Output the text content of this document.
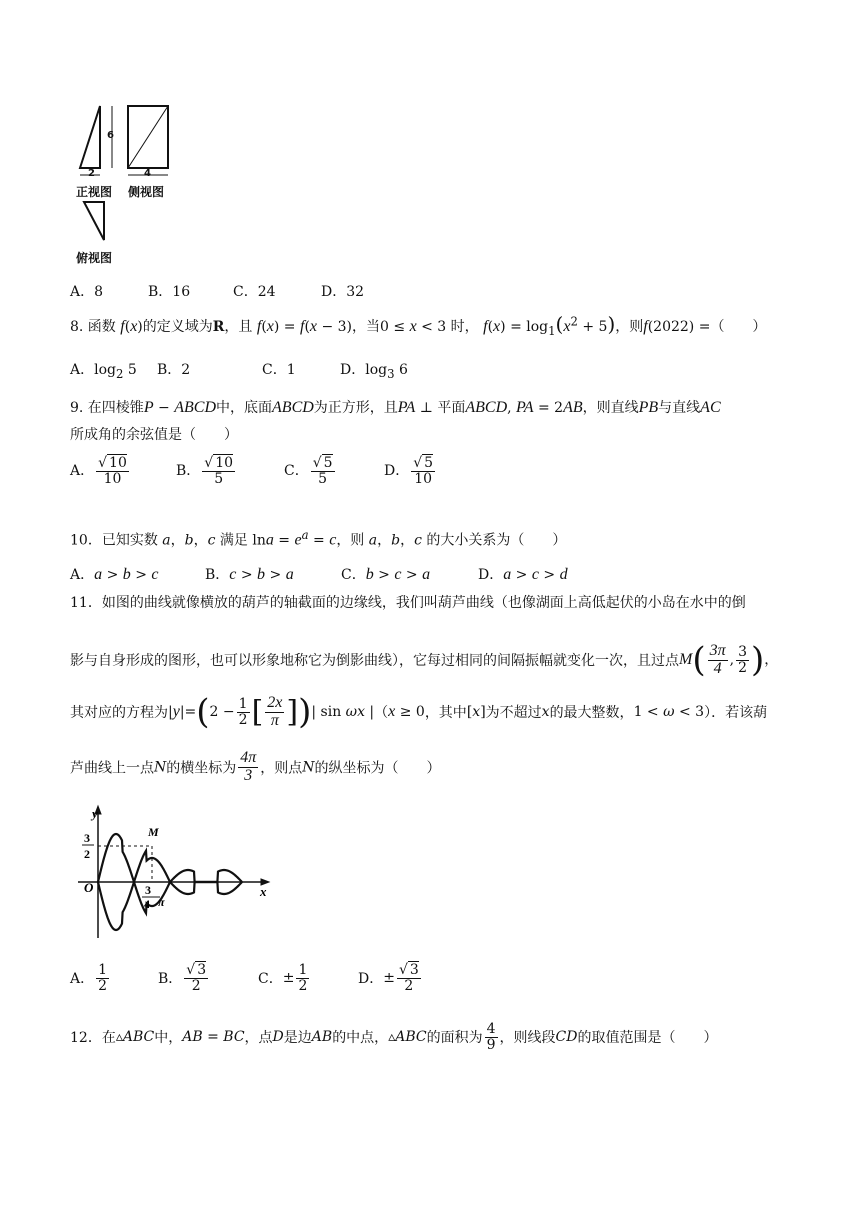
6
2	4
正视图 侧视图
俯视图
A．8	B．16	C．24	D．32
8. 函数 f(x)的定义域为R，且 f(x) = f(x − 3)，当0 ≤ x < 3 时， $f(x) = \log_1(x^2 + 5)$，则f(2022) =（　　）
A．$\log_2 5$ B．2	C．1	D．$\log_3 6$
9. 在四棱锥P − ABCD中，底面ABCD为正方形，且PA ⊥ 平面ABCD, PA = 2AB，则直线PB与直线AC
所成角的余弦值是（　　）
A． $\frac{√ 10}{10}$	B． $\frac{√ 10}{5}$	C． $\frac{√ 5}{5}$	D． $\frac{√ 5}{10}$
10．已知实数 a，b，c 满足 $\ln a = e^a = c$，则 a，b，c 的大小关系为（　　）
A．a > b > c	B．c > b > a	C．b > c > a	D．a > c > d
11．如图的曲线就像横放的葫芦的轴截面的边缘线，我们叫葫芦曲线（也像湖面上高低起伏的小岛在水中的倒
影与自身形成的图形，也可以形象地称它为倒影曲线），它每过相同的间隔振幅就变化一次，且过点$M( \frac{3\pi}{4}$ , $\frac{3}{2}$ )，
其对应的方程为$|y|=(2 - \frac{1}{2}$ [ $\frac{2x}{\pi}$ ])| sin ωx |（x ≥ 0，其中[x]为不超过x的最大整数，1 < ω < 3）．若该葫
芦曲线上一点N的横坐标为 $\frac{4\pi}{3}$ ，则点N的纵坐标为（　　）
y
x
O
M
3
2
3
4 π
A． $\frac{1}{2}$	B． $\frac{√ 3}{2}$	C．± $\frac{1}{2}$	D．± $\frac{√ 3}{2}$
12．在▵ABC中，AB = BC，点D是边AB的中点，▵ABC的面积为 $\frac{4}{9}$ ，则线段CD的取值范围是（　　）
